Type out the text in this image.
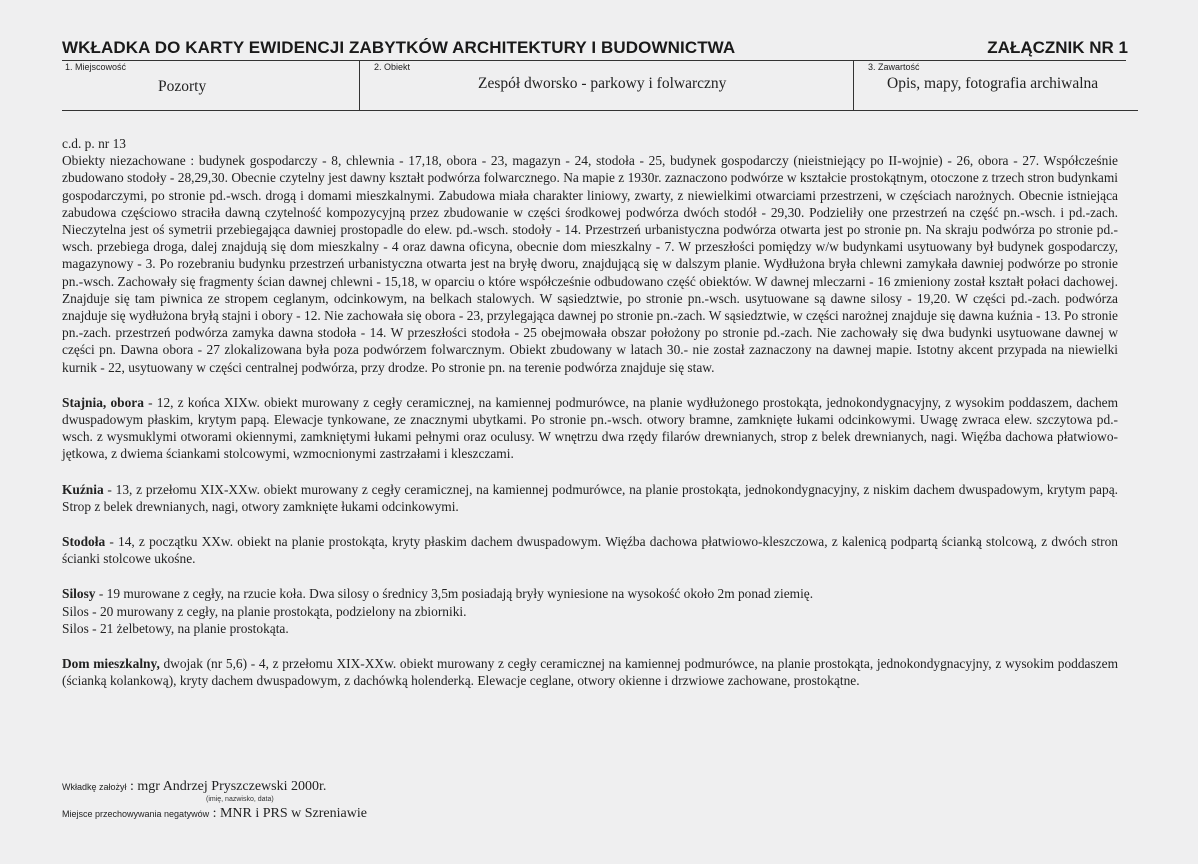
WKŁADKA DO KARTY EWIDENCJI ZABYTKÓW ARCHITEKTURY I BUDOWNICTWA	ZAŁĄCZNIK NR 1
1. Miejscowość
Pozorty
2. Obiekt
Zespół dworsko - parkowy i folwarczny
3. Zawartość
Opis, mapy, fotografia archiwalna

c.d. p. nr 13

Obiekty niezachowane : budynek gospodarczy - 8, chlewnia - 17,18, obora - 23, magazyn - 24, stodoła - 25, budynek gospodarczy (nieistniejący po II-wojnie) - 26, obora - 27. Współcześnie zbudowano stodoły - 28,29,30. Obecnie czytelny jest dawny kształt podwórza folwarcznego. Na mapie z 1930r. zaznaczono podwórze w kształcie prostokątnym, otoczone z trzech stron budynkami gospodarczymi, po stronie pd.-wsch. drogą i domami mieszkalnymi. Zabudowa miała charakter liniowy, zwarty, z niewielkimi otwarciami przestrzeni, w częściach narożnych. Obecnie istniejąca zabudowa częściowo straciła dawną czytelność kompozycyjną przez zbudowanie w części środkowej podwórza dwóch stodół - 29,30. Podzieliły one przestrzeń na część pn.-wsch. i pd.-zach. Nieczytelna jest oś symetrii przebiegająca dawniej prostopadle do elew. pd.-wsch. stodoły - 14. Przestrzeń urbanistyczna podwórza otwarta jest po stronie pn. Na skraju podwórza po stronie pd.-wsch. przebiega droga, dalej znajdują się dom mieszkalny - 4 oraz dawna oficyna, obecnie dom mieszkalny - 7. W przeszłości pomiędzy w/w budynkami usytuowany był budynek gospodarczy, magazynowy - 3. Po rozebraniu budynku przestrzeń urbanistyczna otwarta jest na bryłę dworu, znajdującą się w dalszym planie. Wydłużona bryła chlewni zamykała dawniej podwórze po stronie pn.-wsch. Zachowały się fragmenty ścian dawnej chlewni - 15,18, w oparciu o które współcześnie odbudowano część obiektów. W dawnej mleczarni - 16 zmieniony został kształt połaci dachowej. Znajduje się tam piwnica ze stropem ceglanym, odcinkowym, na belkach stalowych. W sąsiedztwie, po stronie pn.-wsch. usytuowane są dawne silosy - 19,20. W części pd.-zach. podwórza znajduje się wydłużona bryłą stajni i obory - 12. Nie zachowała się obora - 23, przylegająca dawnej po stronie pn.-zach. W sąsiedztwie, w części narożnej znajduje się dawna kuźnia - 13. Po stronie pn.-zach. przestrzeń podwórza zamyka dawna stodoła - 14. W przeszłości stodoła - 25 obejmowała obszar położony po stronie pd.-zach. Nie zachowały się dwa budynki usytuowane dawnej w części pn. Dawna obora - 27 zlokalizowana była poza podwórzem folwarcznym. Obiekt zbudowany w latach 30.- nie został zaznaczony na dawnej mapie. Istotny akcent przypada na niewielki kurnik - 22, usytuowany w części centralnej podwórza, przy drodze. Po stronie pn. na terenie podwórza znajduje się staw.

Stajnia, obora - 12, z końca XIXw. obiekt murowany z cegły ceramicznej, na kamiennej podmurówce, na planie wydłużonego prostokąta, jednokondygnacyjny, z wysokim poddaszem, dachem dwuspadowym płaskim, krytym papą. Elewacje tynkowane, ze znacznymi ubytkami. Po stronie pn.-wsch. otwory bramne, zamknięte łukami odcinkowymi. Uwagę zwraca elew. szczytowa pd.-wsch. z wysmuklymi otworami okiennymi, zamkniętymi łukami pełnymi oraz oculusy. W wnętrzu dwa rzędy filarów drewnianych, strop z belek drewnianych, nagi. Więźba dachowa płatwiowo-jętkowa, z dwiema ściankami stolcowymi, wzmocnionymi zastrzałami i kleszczami.

Kuźnia - 13, z przełomu XIX-XXw. obiekt murowany z cegły ceramicznej, na kamiennej podmurówce, na planie prostokąta, jednokondygnacyjny, z niskim dachem dwuspadowym, krytym papą. Strop z belek drewnianych, nagi, otwory zamknięte łukami odcinkowymi.

Stodoła - 14, z początku XXw. obiekt na planie prostokąta, kryty płaskim dachem dwuspadowym. Więźba dachowa płatwiowo-kleszczowa, z kalenicą podpartą ścianką stolcową, z dwóch stron ścianki stolcowe ukośne.

Silosy - 19 murowane z cegły, na rzucie koła. Dwa silosy o średnicy 3,5m posiadają bryły wyniesione na wysokość około 2m ponad ziemię.

Silos - 20 murowany z cegły, na planie prostokąta, podzielony na zbiorniki.

Silos - 21 żelbetowy, na planie prostokąta.

Dom mieszkalny, dwojak (nr 5,6) - 4, z przełomu XIX-XXw. obiekt murowany z cegły ceramicznej na kamiennej podmurówce, na planie prostokąta, jednokondygnacyjny, z wysokim poddaszem (ścianką kolankową), kryty dachem dwuspadowym, z dachówką holenderką. Elewacje ceglane, otwory okienne i drzwiowe zachowane, prostokątne.

Wkładkę założył : mgr Andrzej Pryszczewski 2000r.
(imię, nazwisko, data)
Miejsce przechowywania negatywów : MNR i PRS w Szreniawie
